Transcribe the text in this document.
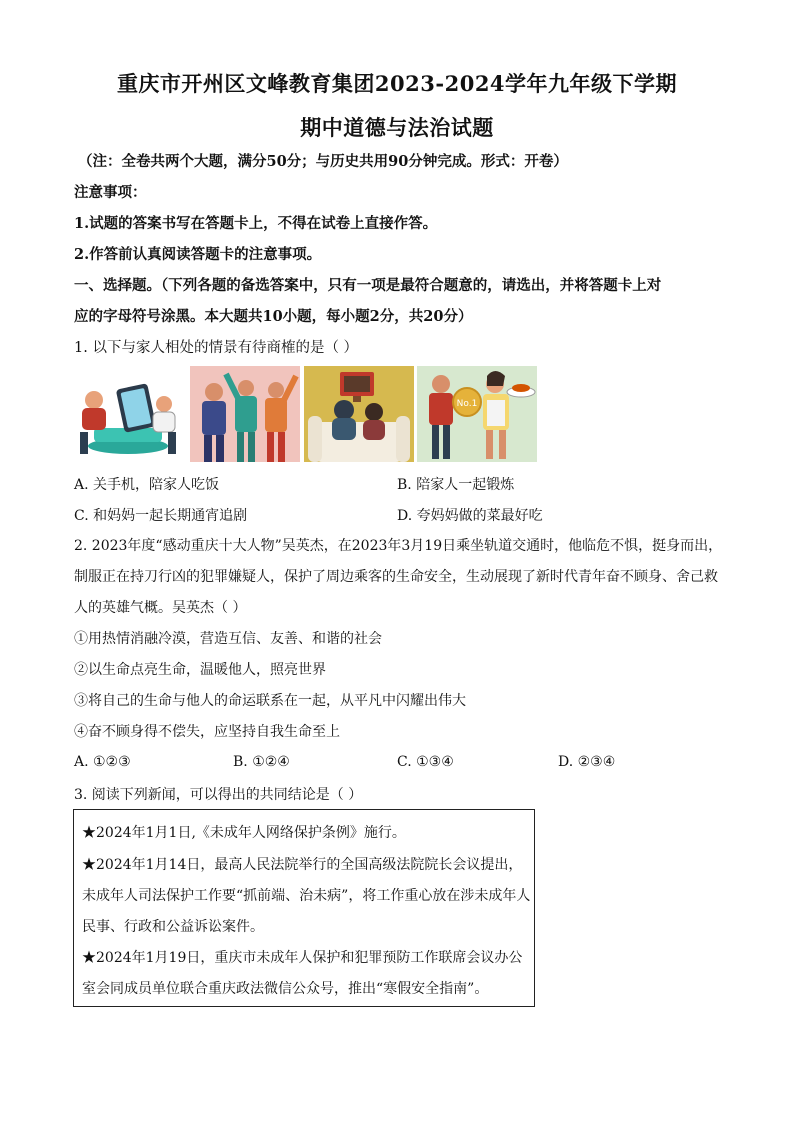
重庆市开州区文峰教育集团2023-2024学年九年级下学期
期中道德与法治试题
（注：全卷共两个大题，满分50分；与历史共用90分钟完成。形式：开卷）
注意事项：
1.试题的答案书写在答题卡上，不得在试卷上直接作答。
2.作答前认真阅读答题卡的注意事项。
一、选择题。（下列各题的备选答案中，只有一项是最符合题意的，请选出，并将答题卡上对
应的字母符号涂黑。本大题共10小题，每小题2分，共20分）
1. 以下与家人相处的情景有待商榷的是（ ）
No.1
A. 关手机，陪家人吃饭	B. 陪家人一起锻炼
C. 和妈妈一起长期通宵追剧	D. 夸妈妈做的菜最好吃
2. 2023年度“感动重庆十大人物”吴英杰，在2023年3月19日乘坐轨道交通时，他临危不惧，挺身而出，
制服正在持刀行凶的犯罪嫌疑人，保护了周边乘客的生命安全，生动展现了新时代青年奋不顾身、舍己救
人的英雄气概。吴英杰（ ）
①用热情消融冷漠，营造互信、友善、和谐的社会
②以生命点亮生命，温暖他人，照亮世界
③将自己的生命与他人的命运联系在一起，从平凡中闪耀出伟大
④奋不顾身得不偿失，应坚持自我生命至上
A. ①②③	B. ①②④	C. ①③④	D. ②③④
3. 阅读下列新闻，可以得出的共同结论是（ ）
★2024年1月1日,《未成年人网络保护条例》施行。
★2024年1月14日，最高人民法院举行的全国高级法院院长会议提出，
未成年人司法保护工作要“抓前端、治未病”，将工作重心放在涉未成年人
民事、行政和公益诉讼案件。
★2024年1月19日，重庆市未成年人保护和犯罪预防工作联席会议办公
室会同成员单位联合重庆政法微信公众号，推出“寒假安全指南”。
